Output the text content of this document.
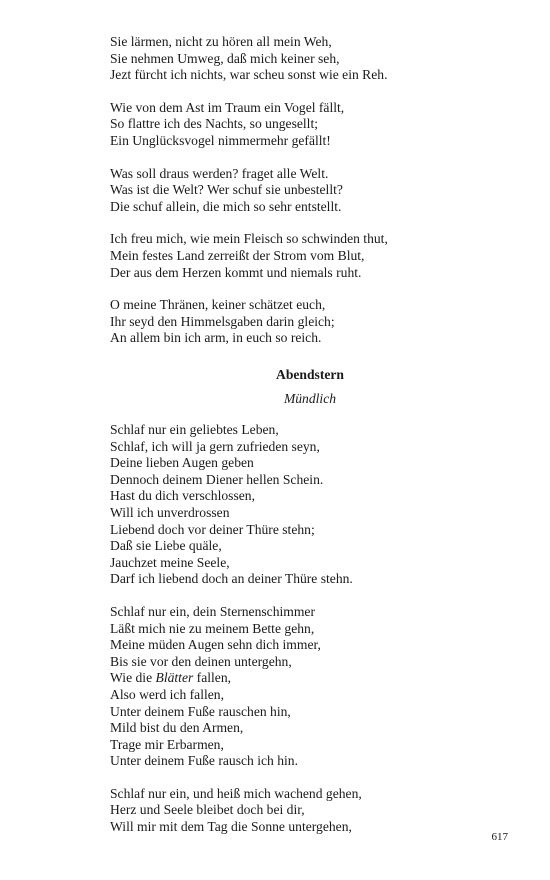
Sie lärmen, nicht zu hören all mein Weh,
Sie nehmen Umweg, daß mich keiner seh,
Jezt fürcht ich nichts, war scheu sonst wie ein Reh.
Wie von dem Ast im Traum ein Vogel fällt,
So flattre ich des Nachts, so ungesellt;
Ein Unglücksvogel nimmermehr gefällt!
Was soll draus werden? fraget alle Welt.
Was ist die Welt? Wer schuf sie unbestellt?
Die schuf allein, die mich so sehr entstellt.
Ich freu mich, wie mein Fleisch so schwinden thut,
Mein festes Land zerreißt der Strom vom Blut,
Der aus dem Herzen kommt und niemals ruht.
O meine Thränen, keiner schätzet euch,
Ihr seyd den Himmelsgaben darin gleich;
An allem bin ich arm, in euch so reich.
Abendstern
Mündlich
Schlaf nur ein geliebtes Leben,
Schlaf, ich will ja gern zufrieden seyn,
Deine lieben Augen geben
Dennoch deinem Diener hellen Schein.
Hast du dich verschlossen,
Will ich unverdrossen
Liebend doch vor deiner Thüre stehn;
Daß sie Liebe quäle,
Jauchzet meine Seele,
Darf ich liebend doch an deiner Thüre stehn.
Schlaf nur ein, dein Sternenschimmer
Läßt mich nie zu meinem Bette gehn,
Meine müden Augen sehn dich immer,
Bis sie vor den deinen untergehn,
Wie die Blätter fallen,
Also werd ich fallen,
Unter deinem Fuße rauschen hin,
Mild bist du den Armen,
Trage mir Erbarmen,
Unter deinem Fuße rausch ich hin.
Schlaf nur ein, und heiß mich wachend gehen,
Herz und Seele bleibet doch bei dir,
Will mir mit dem Tag die Sonne untergehen,
617
